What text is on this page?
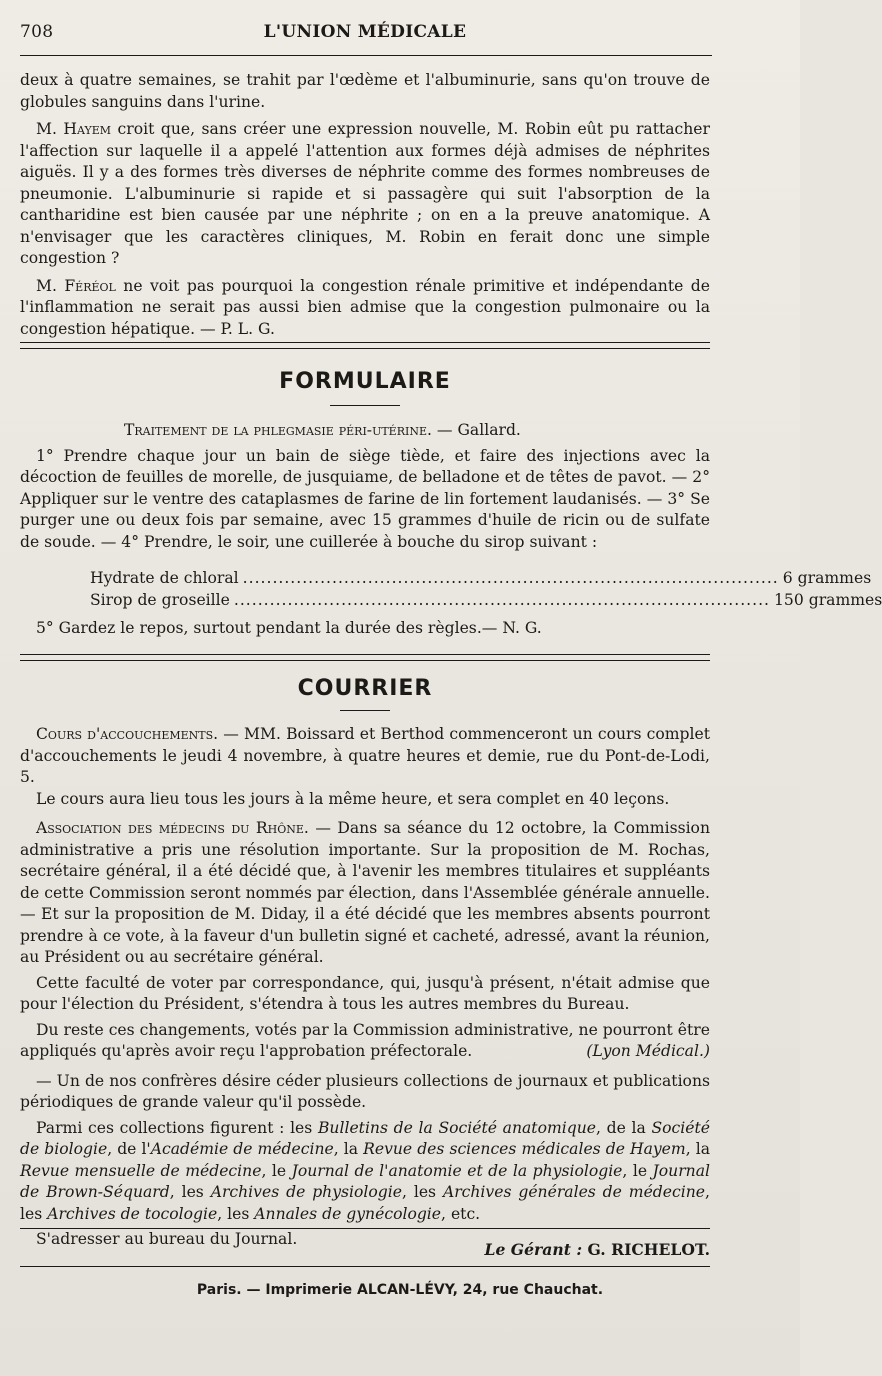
708	L'UNION MÉDICALE

deux à quatre semaines, se trahit par l'œdème et l'albuminurie, sans qu'on trouve de globules sanguins dans l'urine.

M. Hayem croit que, sans créer une expression nouvelle, M. Robin eût pu rattacher l'affection sur laquelle il a appelé l'attention aux formes déjà admises de néphrites aiguës. Il y a des formes très diverses de néphrite comme des formes nombreuses de pneumonie. L'albuminurie si rapide et si passagère qui suit l'absorption de la cantharidine est bien causée par une néphrite ; on en a la preuve anatomique. A n'envisager que les caractères cliniques, M. Robin en ferait donc une simple congestion ?

M. Féréol ne voit pas pourquoi la congestion rénale primitive et indépendante de l'inflammation ne serait pas aussi bien admise que la congestion pulmonaire ou la congestion hépatique. — P. L. G.

FORMULAIRE

Traitement de la phlegmasie péri-utérine. — Gallard.

1° Prendre chaque jour un bain de siège tiède, et faire des injections avec la décoction de feuilles de morelle, de jusquiame, de belladone et de têtes de pavot. — 2° Appliquer sur le ventre des cataplasmes de farine de lin fortement laudanisés. — 3° Se purger une ou deux fois par semaine, avec 15 grammes d'huile de ricin ou de sulfate de soude. — 4° Prendre, le soir, une cuillerée à bouche du sirop suivant :

Hydrate de chloral .......................................................................................... 6 grammes
Sirop de groseille .......................................................................................... 150 grammes

5° Gardez le repos, surtout pendant la durée des règles.— N. G.

COURRIER

Cours d'accouchements. — MM. Boissard et Berthod commenceront un cours complet d'accouchements le jeudi 4 novembre, à quatre heures et demie, rue du Pont-de-Lodi, 5.

Le cours aura lieu tous les jours à la même heure, et sera complet en 40 leçons.

Association des médecins du Rhône. — Dans sa séance du 12 octobre, la Commission administrative a pris une résolution importante. Sur la proposition de M. Rochas, secrétaire général, il a été décidé que, à l'avenir les membres titulaires et suppléants de cette Commission seront nommés par élection, dans l'Assemblée générale annuelle. — Et sur la proposition de M. Diday, il a été décidé que les membres absents pourront prendre à ce vote, à la faveur d'un bulletin signé et cacheté, adressé, avant la réunion, au Président ou au secrétaire général.

Cette faculté de voter par correspondance, qui, jusqu'à présent, n'était admise que pour l'élection du Président, s'étendra à tous les autres membres du Bureau.

Du reste ces changements, votés par la Commission administrative, ne pourront être appliqués qu'après avoir reçu l'approbation préfectorale.	(Lyon Médical.)

— Un de nos confrères désire céder plusieurs collections de journaux et publications périodiques de grande valeur qu'il possède.

Parmi ces collections figurent : les Bulletins de la Société anatomique, de la Société de biologie, de l'Académie de médecine, la Revue des sciences médicales de Hayem, la Revue mensuelle de médecine, le Journal de l'anatomie et de la physiologie, le Journal de Brown-Séquard, les Archives de physiologie, les Archives générales de médecine, les Archives de tocologie, les Annales de gynécologie, etc.

S'adresser au bureau du Journal.

Le Gérant : G. RICHELOT.
Paris. — Imprimerie ALCAN-LÉVY, 24, rue Chauchat.
